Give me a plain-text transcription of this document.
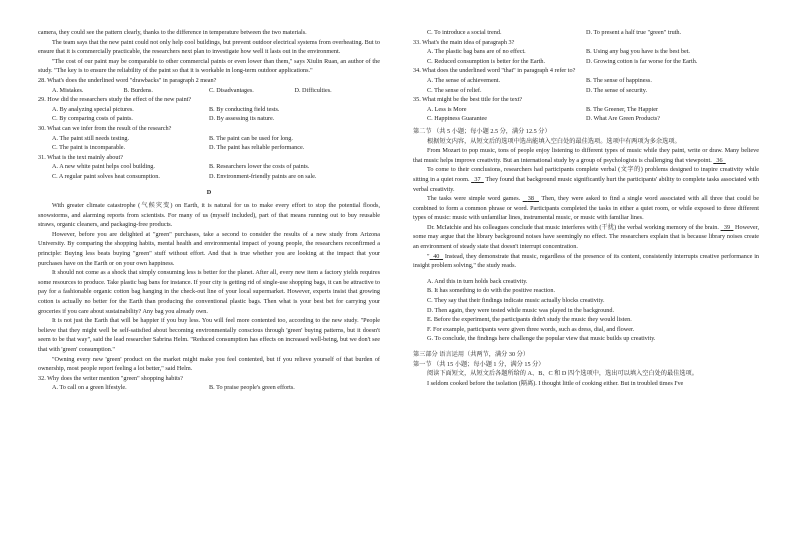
camera, they could see the pattern clearly, thanks to the difference in temperature between the two materials.

The team says that the new paint could not only help cool buildings, but prevent outdoor electrical systems from overheating. But to ensure that it is commercially practicable, the researchers next plan to investigate how well it lasts out in the environment.

"The cost of our paint may be comparable to other commercial paints or even lower than them," says Xiulin Ruan, an author of the study. "The key is to ensure the reliability of the paint so that it is workable in long-term outdoor applications."

28. What's does the underlined word "drawbacks" in paragraph 2 mean?

A. Mistakes.	B. Burdens.	C. Disadvantages.	D. Difficulties.

29. How did the researchers study the effect of the new paint?

A. By analyzing special pictures.	B. By conducting field tests.
C. By comparing costs of paints.	D. By assessing its nature.

30. What can we infer from the result of the research?

A. The paint still needs testing.	B. The paint can be used for long.
C. The paint is incomparable.	D. The paint has reliable performance.

31. What is the text mainly about?

A. A new white paint helps cool building.	B. Researchers lower the costs of paints.
C. A regular paint solves heat consumption.	D. Environment-friendly paints are on sale.

D

With greater climate catastrophe (气候灾变) on Earth, it is natural for us to make every effort to stop the potential floods, snowstorms, and alarming reports from scientists. For many of us (myself included), part of that means running out to buy reusable straws, organic cleaners, and packaging-free products.

However, before you are delighted at "green" purchases, take a second to consider the results of a new study from Arizona University. By comparing the shopping habits, mental health and environmental impact of young people, the researchers reconfirmed a principle: Buying less beats buying "green" stuff without effort. And that is true whether you are looking at the impact that your purchases have on the Earth or on your own happiness.

It should not come as a shock that simply consuming less is better for the planet. After all, every new item a factory yields requires some resources to produce. Take plastic bag bans for instance. If your city is getting rid of single-use shopping bags, it can be attractive to pay for a fashionable organic cotton bag hanging in the check-out line of your local supermarket. However, experts insist that growing cotton is actually no better for the Earth than producing the conventional plastic bags. Then what is your best bet for carrying your groceries if you care about sustainability? Any bag you already own.

It is not just the Earth that will be happier if you buy less. You will feel more contented too, according to the new study. "People believe that they might well be self-satisfied about becoming environmentally conscious through 'green' buying patterns, but it doesn't seem to be that way", said the lead researcher Sabrina Helm. "Reduced consumption has effects on increased well-being, but we don't see that with 'green' consumption."

"Owning every new 'green' product on the market might make you feel contented, but if you relieve yourself of that burden of ownership, most people report feeling a lot better," said Helm.

32. Why does the writer mention "green" shopping habits?

A. To call on a green lifestyle.	B. To praise people's green efforts.
C. To introduce a social trend.	D. To present a half true "green" truth.

33. What's the main idea of paragraph 3?

A. The plastic bag bans are of no effect.	B. Using any bag you have is the best bet.
C. Reduced consumption is better for the Earth.	D. Growing cotton is far worse for the Earth.

34. What does the underlined word "that" in paragraph 4 refer to?

A. The sense of achievement.	B. The sense of happiness.
C. The sense of relief.	D. The sense of security.

35. What might be the best title for the text?

A. Less is More	B. The Greener, The Happier
C. Happiness Guarantee	D. What Are Green Products?

第二节 （共 5 小题；每小题 2.5 分，满分 12.5 分）

根据短文内容，从短文后的选项中选出能填入空白处的最佳选项。选项中有两项为多余选项。

From Mozart to pop music, tons of people enjoy listening to different types of music while they paint, write or draw. Many believe that music helps improve creativity. But an international study by a group of psychologists is challenging that viewpoint.   36

To come to their conclusions, researchers had participants complete verbal (文字的) problems designed to inspire creativity while sitting in a quiet room.   37   They found that background music significantly hurt the participants' ability to complete tasks associated with verbal creativity.

The tasks were simple word games.   38   Then, they were asked to find a single word associated with all three that could be combined to form a common phrase or word. Participants completed the tasks in either a quiet room, or while exposed to three different types of music: music with unfamiliar lines, instrumental music, or music with familiar lines.

Dr. McIatchie and his colleagues conclude that music interferes with (干扰) the verbal working memory of the brain.   39   However, some may argue that the library background noises have seemingly no effect. The researchers explain that is because library noises create an environment of steady state that doesn't interrupt concentration.

" 40   Instead, they demonstrate that music, regardless of the presence of its content, consistently interrupts creative performance in insight problem solving," the study reads.

A. And this in turn holds back creativity.

B. It has something to do with the positive reaction.

C. They say that their findings indicate music actually blocks creativity.

D. Then again, they were tested while music was played in the background.

E. Before the experiment, the participants didn't study the music they would listen.

F. For example, participants were given three words, such as dress, dial, and flower.

G. To conclude, the findings here challenge the popular view that music builds up creativity.

第三部分 语言运用（共两节，满分 30 分）

第一节 （共 15 小题；每小题 1 分，满分 15 分）

阅读下面短文，从短文后各题所给的 A、B、C 和 D 四个选项中，选出可以填入空白处的最佳选项。

I seldom cooked before the isolation (隔离). I thought little of cooking either. But in troubled times I've
